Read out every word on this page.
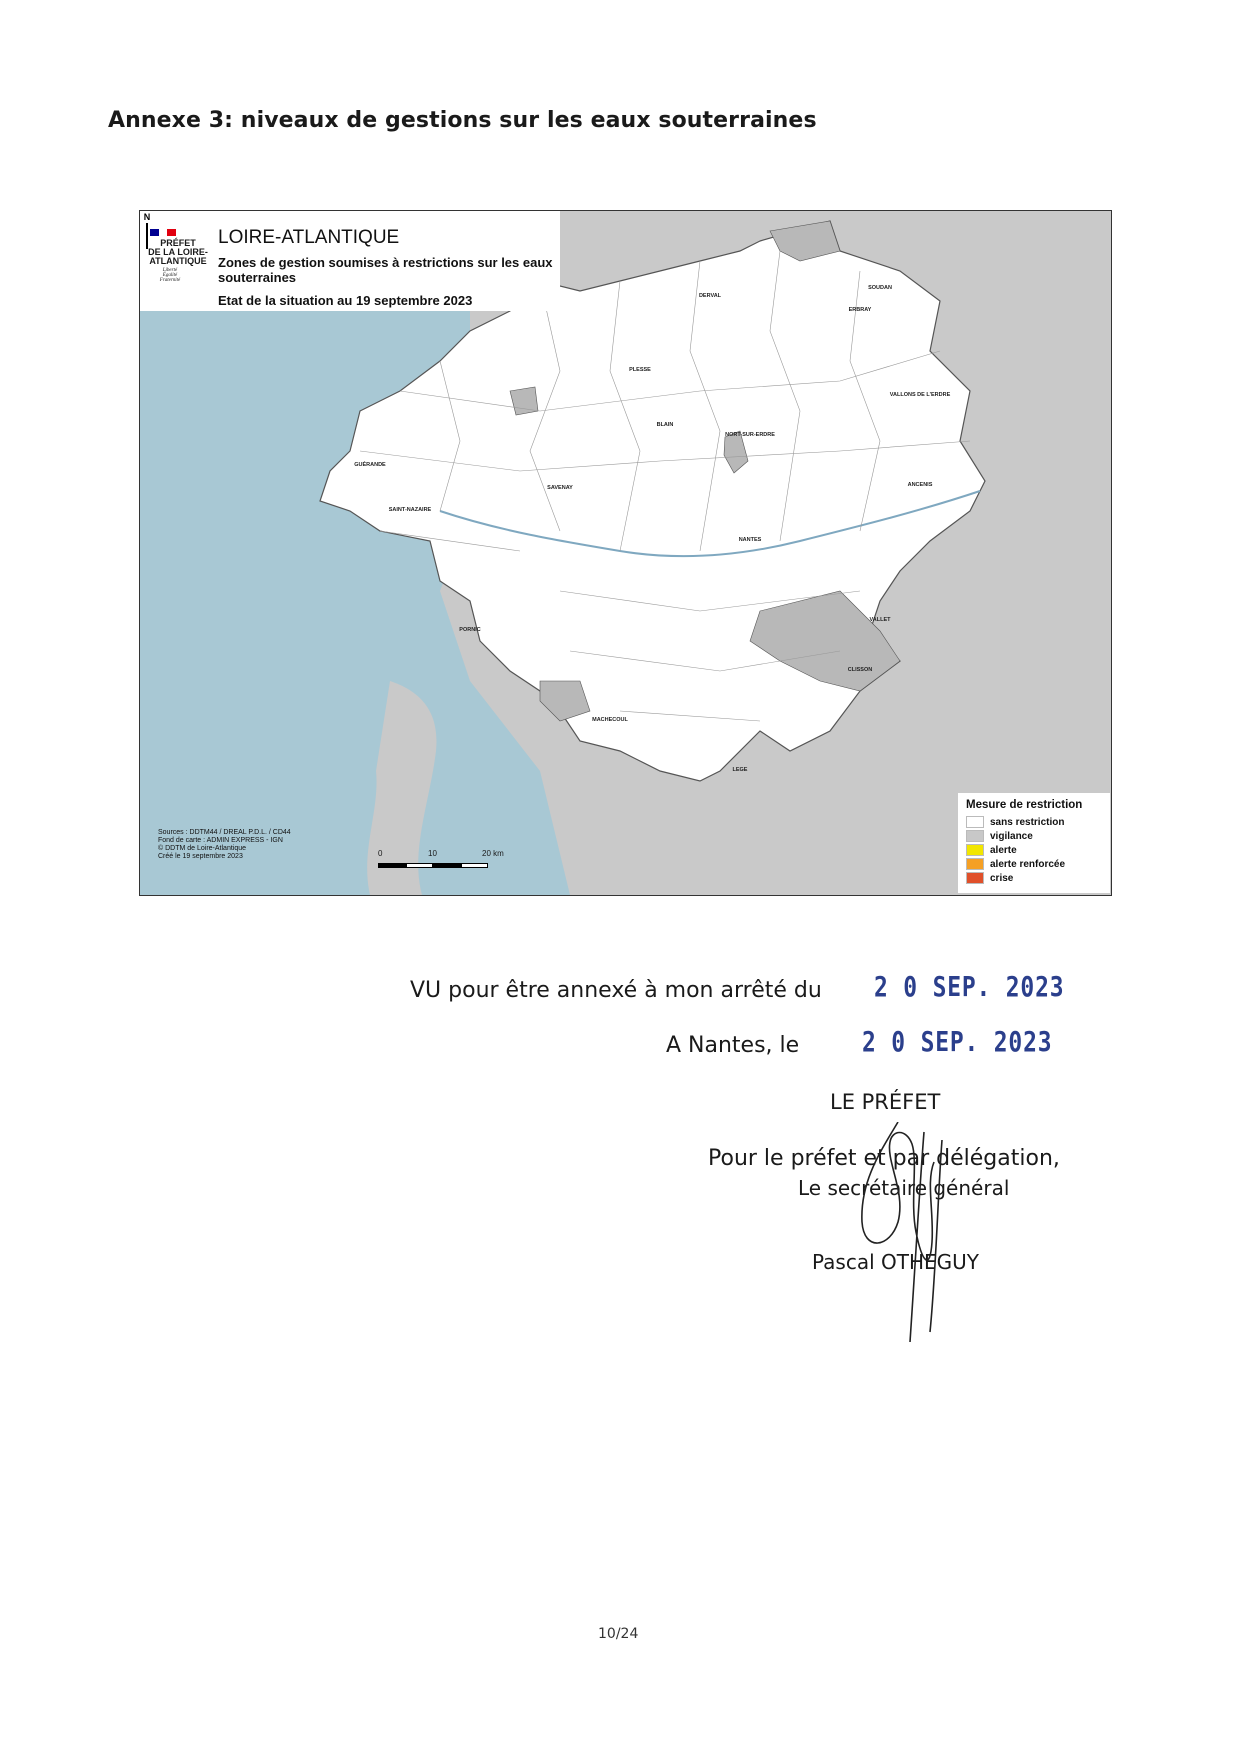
Annexe 3: niveaux de gestions sur les eaux souterraines
SOUDAN
ERBRAY
DERVAL
PLESSE
BLAIN
NORT-SUR-ERDRE
VALLONS DE L'ERDRE
GUÉRANDE
SAINT-NAZAIRE
SAVENAY
NANTES
ANCENIS
PORNIC
MACHECOUL
CLISSON
VALLET
LEGE
PRÉFET
DE LA LOIRE-
ATLANTIQUE
Liberté
Égalité
Fraternité
LOIRE-ATLANTIQUE
Zones de gestion soumises à restrictions sur les eaux souterraines
Etat de la situation au 19 septembre 2023
N
Sources : DDTM44 / DREAL P.D.L. / CD44
Fond de carte : ADMIN EXPRESS - IGN
© DDTM de Loire-Atlantique
Créé le 19 septembre 2023	0	10	20 km
Mesure de restriction
sans restriction
vigilance
alerte
alerte renforcée
crise
VU pour être annexé à mon arrêté du 2 0 SEP. 2023
A Nantes, le 2 0 SEP. 2023
LE PRÉFET
Pour le préfet et par délégation,
Le secrétaire général
Pascal OTHEGUY
10/24
